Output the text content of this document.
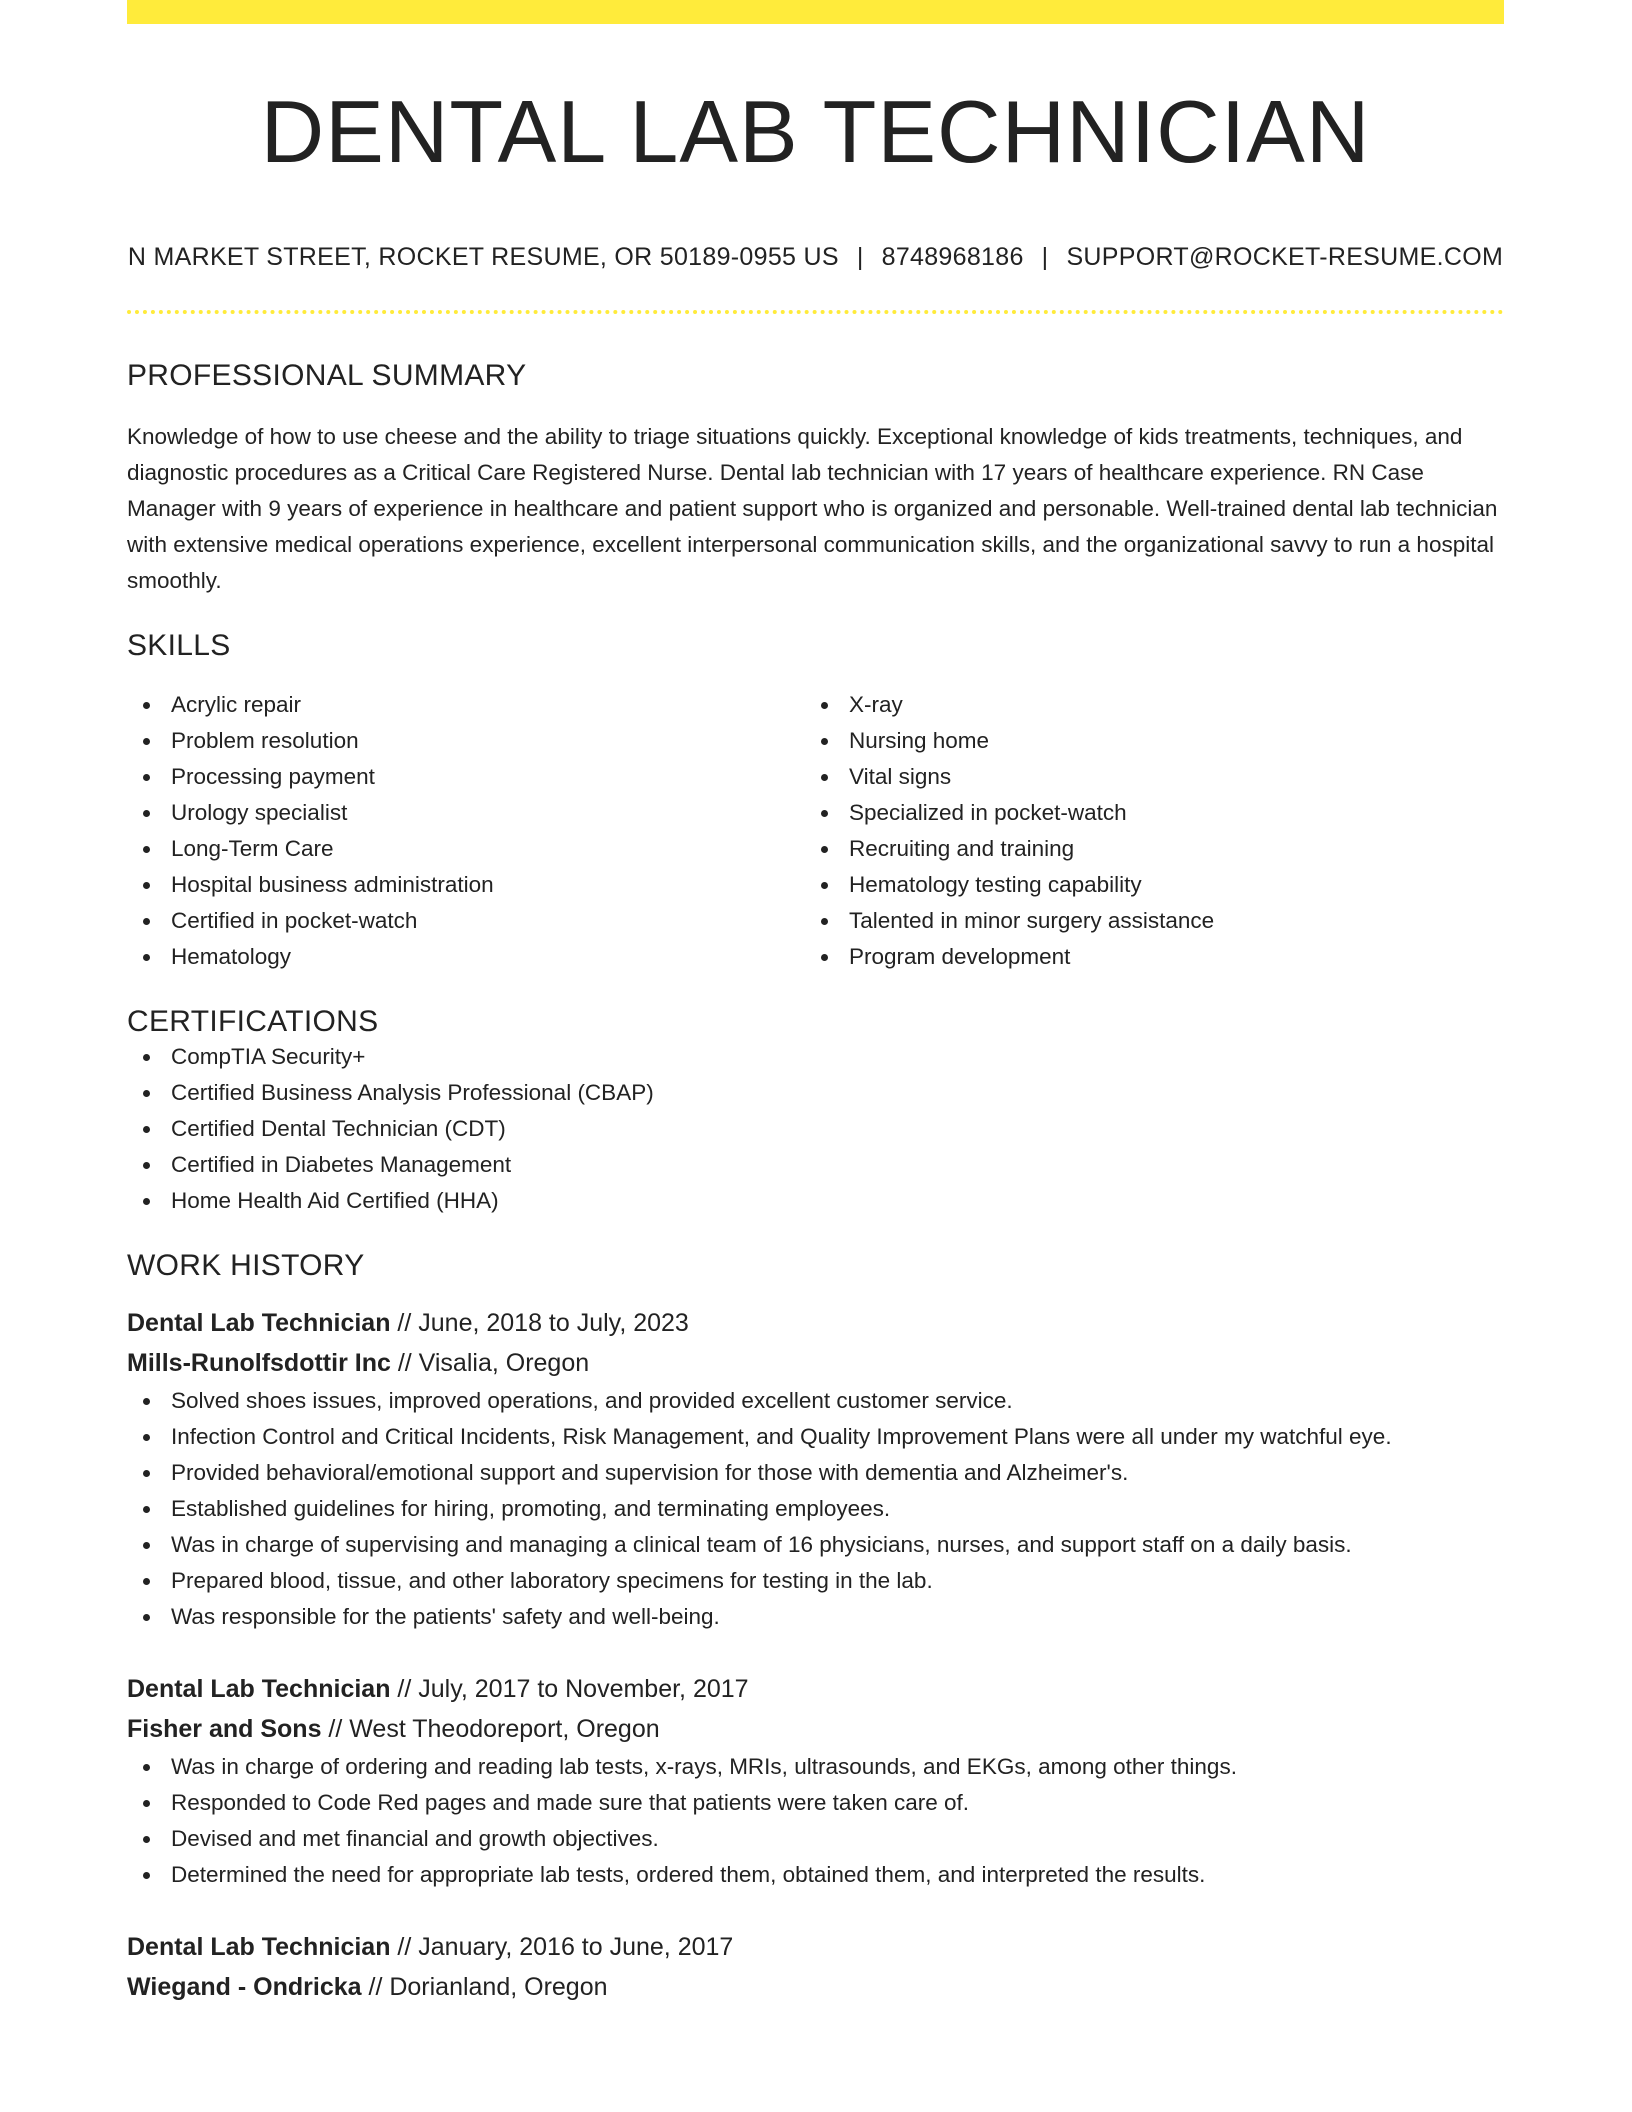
DENTAL LAB TECHNICIAN
N MARKET STREET, ROCKET RESUME, OR 50189-0955 US | 8748968186 | SUPPORT@ROCKET-RESUME.COM
PROFESSIONAL SUMMARY

Knowledge of how to use cheese and the ability to triage situations quickly. Exceptional knowledge of kids treatments, techniques, and diagnostic procedures as a Critical Care Registered Nurse. Dental lab technician with 17 years of healthcare experience. RN Case Manager with 9 years of experience in healthcare and patient support who is organized and personable. Well-trained dental lab technician with extensive medical operations experience, excellent interpersonal communication skills, and the organizational savvy to run a hospital smoothly.

SKILLS
Acrylic repair
Problem resolution
Processing payment
Urology specialist
Long-Term Care
Hospital business administration
Certified in pocket-watch
Hematology
X-ray
Nursing home
Vital signs
Specialized in pocket-watch
Recruiting and training
Hematology testing capability
Talented in minor surgery assistance
Program development
CERTIFICATIONS
CompTIA Security+
Certified Business Analysis Professional (CBAP)
Certified Dental Technician (CDT)
Certified in Diabetes Management
Home Health Aid Certified (HHA)
WORK HISTORY
Dental Lab Technician // June, 2018 to July, 2023
Mills-Runolfsdottir Inc // Visalia, Oregon
Solved shoes issues, improved operations, and provided excellent customer service.
Infection Control and Critical Incidents, Risk Management, and Quality Improvement Plans were all under my watchful eye.
Provided behavioral/emotional support and supervision for those with dementia and Alzheimer's.
Established guidelines for hiring, promoting, and terminating employees.
Was in charge of supervising and managing a clinical team of 16 physicians, nurses, and support staff on a daily basis.
Prepared blood, tissue, and other laboratory specimens for testing in the lab.
Was responsible for the patients' safety and well-being.
Dental Lab Technician // July, 2017 to November, 2017
Fisher and Sons // West Theodoreport, Oregon
Was in charge of ordering and reading lab tests, x-rays, MRIs, ultrasounds, and EKGs, among other things.
Responded to Code Red pages and made sure that patients were taken care of.
Devised and met financial and growth objectives.
Determined the need for appropriate lab tests, ordered them, obtained them, and interpreted the results.
Dental Lab Technician // January, 2016 to June, 2017
Wiegand - Ondricka // Dorianland, Oregon
